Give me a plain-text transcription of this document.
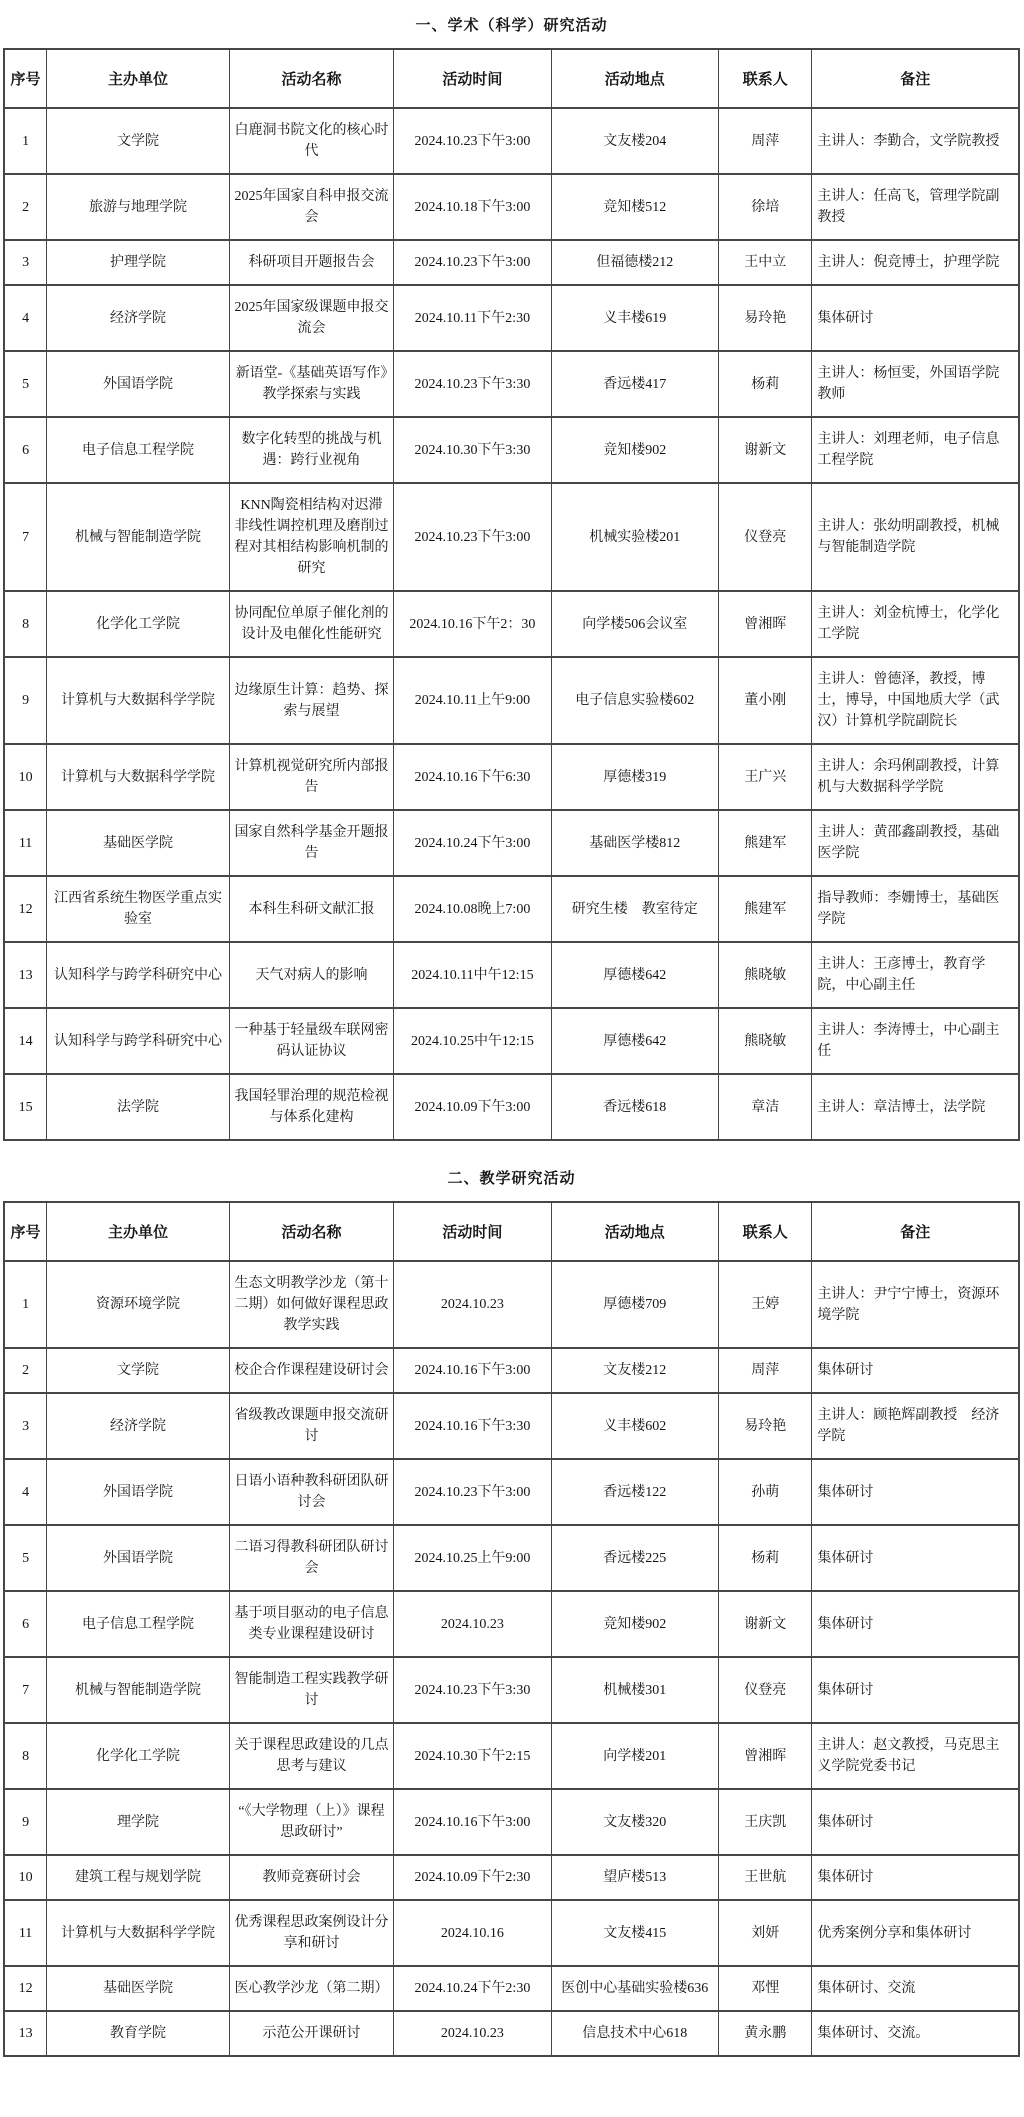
一、学术（科学）研究活动
序号	主办单位	活动名称	活动时间	活动地点	联系人	备注
1	文学院	白鹿洞书院文化的核心时代	2024.10.23下午3:00	文友楼204	周萍	主讲人：李勤合，文学院教授
2	旅游与地理学院	2025年国家自科申报交流会	2024.10.18下午3:00	竞知楼512	徐培	主讲人：任高飞，管理学院副教授
3	护理学院	科研项目开题报告会	2024.10.23下午3:00	但福德楼212	王中立	主讲人：倪竞博士，护理学院
4	经济学院	2025年国家级课题申报交流会	2024.10.11下午2:30	义丰楼619	易玲艳	集体研讨
5	外国语学院	新语堂-《基础英语写作》教学探索与实践	2024.10.23下午3:30	香远楼417	杨莉	主讲人：杨恒雯，外国语学院教师
6	电子信息工程学院	数字化转型的挑战与机遇：跨行业视角	2024.10.30下午3:30	竞知楼902	谢新文	主讲人：刘理老师，电子信息工程学院
7	机械与智能制造学院	KNN陶瓷相结构对迟滞非线性调控机理及磨削过程对其相结构影响机制的研究	2024.10.23下午3:00	机械实验楼201	仪登亮	主讲人：张幼明副教授，机械与智能制造学院
8	化学化工学院	协同配位单原子催化剂的设计及电催化性能研究	2024.10.16下午2：30	向学楼506会议室	曾湘晖	主讲人：刘金杭博士，化学化工学院
9	计算机与大数据科学学院	边缘原生计算：趋势、探索与展望	2024.10.11上午9:00	电子信息实验楼602	董小刚	主讲人：曾德泽，教授，博士，博导，中国地质大学（武汉）计算机学院副院长
10	计算机与大数据科学学院	计算机视觉研究所内部报告	2024.10.16下午6:30	厚德楼319	王广兴	主讲人：余玛俐副教授，计算机与大数据科学学院
11	基础医学院	国家自然科学基金开题报告	2024.10.24下午3:00	基础医学楼812	熊建军	主讲人：黄邵鑫副教授，基础医学院
12	江西省系统生物医学重点实验室	本科生科研文献汇报	2024.10.08晚上7:00	研究生楼　教室待定	熊建军	指导教师：李姗博士，基础医学院
13	认知科学与跨学科研究中心	天气对病人的影响	2024.10.11中午12:15	厚德楼642	熊晓敏	主讲人：王彦博士，教育学院，中心副主任
14	认知科学与跨学科研究中心	一种基于轻量级车联网密码认证协议	2024.10.25中午12:15	厚德楼642	熊晓敏	主讲人：李涛博士，中心副主任
15	法学院	我国轻罪治理的规范检视与体系化建构	2024.10.09下午3:00	香远楼618	章洁	主讲人：章洁博士，法学院
二、教学研究活动
序号	主办单位	活动名称	活动时间	活动地点	联系人	备注
1	资源环境学院	生态文明教学沙龙（第十二期）如何做好课程思政教学实践	2024.10.23	厚德楼709	王婷	主讲人：尹宁宁博士，资源环境学院
2	文学院	校企合作课程建设研讨会	2024.10.16下午3:00	文友楼212	周萍	集体研讨
3	经济学院	省级教改课题申报交流研讨	2024.10.16下午3:30	义丰楼602	易玲艳	主讲人：顾艳辉副教授　经济学院
4	外国语学院	日语小语种教科研团队研讨会	2024.10.23下午3:00	香远楼122	孙萌	集体研讨
5	外国语学院	二语习得教科研团队研讨会	2024.10.25上午9:00	香远楼225	杨莉	集体研讨
6	电子信息工程学院	基于项目驱动的电子信息类专业课程建设研讨	2024.10.23	竞知楼902	谢新文	集体研讨
7	机械与智能制造学院	智能制造工程实践教学研讨	2024.10.23下午3:30	机械楼301	仪登亮	集体研讨
8	化学化工学院	关于课程思政建设的几点思考与建议	2024.10.30下午2:15	向学楼201	曾湘晖	主讲人：赵文教授，马克思主义学院党委书记
9	理学院	“《大学物理（上）》课程思政研讨”	2024.10.16下午3:00	文友楼320	王庆凯	集体研讨
10	建筑工程与规划学院	教师竞赛研讨会	2024.10.09下午2:30	望庐楼513	王世航	集体研讨
11	计算机与大数据科学学院	优秀课程思政案例设计分享和研讨	2024.10.16	文友楼415	刘妍	优秀案例分享和集体研讨
12	基础医学院	医心教学沙龙（第二期）	2024.10.24下午2:30	医创中心基础实验楼636	邓悝	集体研讨、交流
13	教育学院	示范公开课研讨	2024.10.23	信息技术中心618	黄永鹏	集体研讨、交流。
